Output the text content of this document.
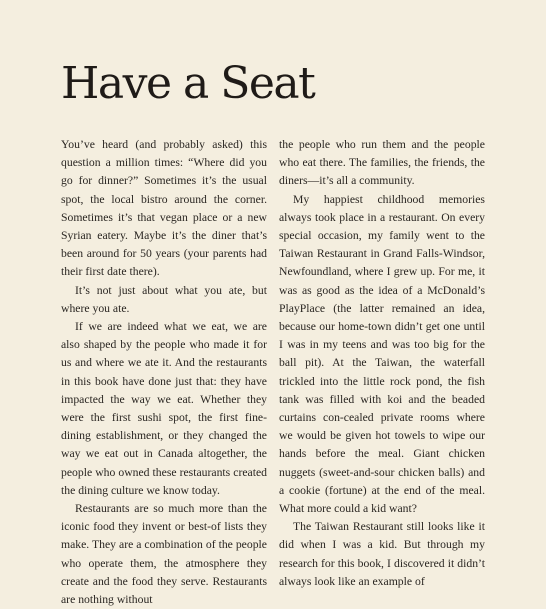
Have a Seat

You’ve heard (and probably asked) this question a million times: “Where did you go for dinner?” Sometimes it’s the usual spot, the local bistro around the corner. Sometimes it’s that vegan place or a new Syrian eatery. Maybe it’s the diner that’s been around for 50 years (your parents had their first date there).

It’s not just about what you ate, but where you ate.

If we are indeed what we eat, we are also shaped by the people who made it for us and where we ate it. And the restaurants in this book have done just that: they have impacted the way we eat. Whether they were the first sushi spot, the first fine-dining establishment, or they changed the way we eat out in Canada altogether, the people who owned these restaurants created the dining culture we know today.

Restaurants are so much more than the iconic food they invent or best-of lists they make. They are a combination of the people who operate them, the atmosphere they create and the food they serve. Restaurants are nothing without

the people who run them and the people who eat there. The families, the friends, the diners—it’s all a community.

My happiest childhood memories always took place in a restaurant. On every special occasion, my family went to the Taiwan Restaurant in Grand Falls-Windsor, Newfoundland, where I grew up. For me, it was as good as the idea of a McDonald’s PlayPlace (the latter remained an idea, because our home-town didn’t get one until I was in my teens and was too big for the ball pit). At the Taiwan, the waterfall trickled into the little rock pond, the fish tank was filled with koi and the beaded curtains con-cealed private rooms where we would be given hot towels to wipe our hands before the meal. Giant chicken nuggets (sweet-and-sour chicken balls) and a cookie (fortune) at the end of the meal. What more could a kid want?

The Taiwan Restaurant still looks like it did when I was a kid. But through my research for this book, I discovered it didn’t always look like an example of
